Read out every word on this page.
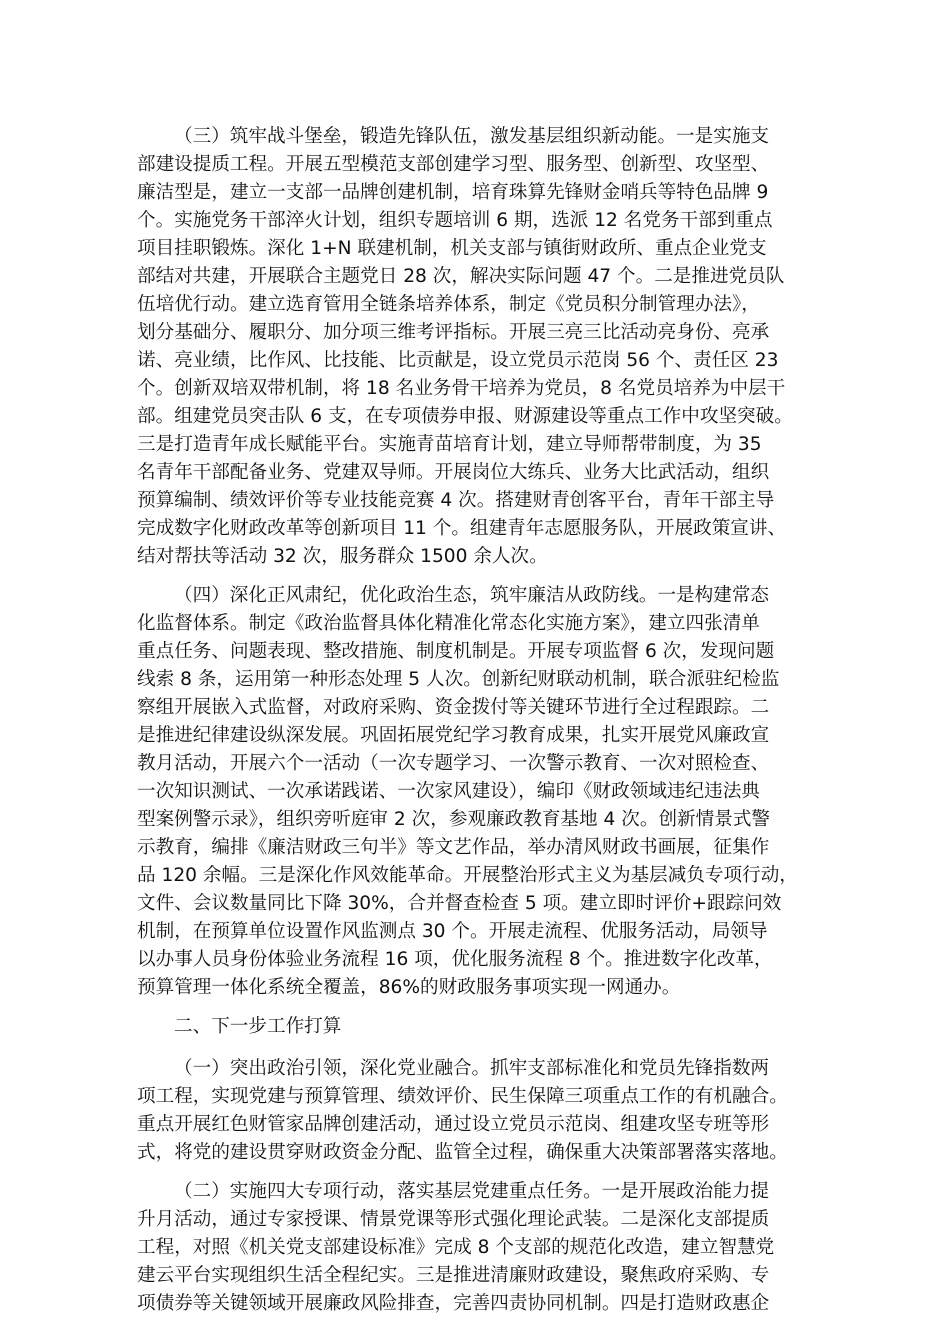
（三）筑牢战斗堡垒，锻造先锋队伍，激发基层组织新动能。一是实施支
部建设提质工程。开展五型模范支部创建学习型、服务型、创新型、攻坚型、
廉洁型是，建立一支部一品牌创建机制，培育珠算先锋财金哨兵等特色品牌 9
个。实施党务干部淬火计划，组织专题培训 6 期，选派 12 名党务干部到重点
项目挂职锻炼。深化 1+N 联建机制，机关支部与镇街财政所、重点企业党支
部结对共建，开展联合主题党日 28 次，解决实际问题 47 个。二是推进党员队
伍培优行动。建立选育管用全链条培养体系，制定《党员积分制管理办法》，
划分基础分、履职分、加分项三维考评指标。开展三亮三比活动亮身份、亮承
诺、亮业绩，比作风、比技能、比贡献是，设立党员示范岗 56 个、责任区 23
个。创新双培双带机制，将 18 名业务骨干培养为党员，8 名党员培养为中层干
部。组建党员突击队 6 支，在专项债券申报、财源建设等重点工作中攻坚突破。
三是打造青年成长赋能平台。实施青苗培育计划，建立导师帮带制度，为 35
名青年干部配备业务、党建双导师。开展岗位大练兵、业务大比武活动，组织
预算编制、绩效评价等专业技能竞赛 4 次。搭建财青创客平台，青年干部主导
完成数字化财政改革等创新项目 11 个。组建青年志愿服务队，开展政策宣讲、
结对帮扶等活动 32 次，服务群众 1500 余人次。
（四）深化正风肃纪，优化政治生态，筑牢廉洁从政防线。一是构建常态
化监督体系。制定《政治监督具体化精准化常态化实施方案》，建立四张清单
重点任务、问题表现、整改措施、制度机制是。开展专项监督 6 次，发现问题
线索 8 条，运用第一种形态处理 5 人次。创新纪财联动机制，联合派驻纪检监
察组开展嵌入式监督，对政府采购、资金拨付等关键环节进行全过程跟踪。二
是推进纪律建设纵深发展。巩固拓展党纪学习教育成果，扎实开展党风廉政宣
教月活动，开展六个一活动（一次专题学习、一次警示教育、一次对照检查、
一次知识测试、一次承诺践诺、一次家风建设），编印《财政领域违纪违法典
型案例警示录》，组织旁听庭审 2 次，参观廉政教育基地 4 次。创新情景式警
示教育，编排《廉洁财政三句半》等文艺作品，举办清风财政书画展，征集作
品 120 余幅。三是深化作风效能革命。开展整治形式主义为基层减负专项行动，
文件、会议数量同比下降 30%，合并督查检查 5 项。建立即时评价+跟踪问效
机制，在预算单位设置作风监测点 30 个。开展走流程、优服务活动，局领导
以办事人员身份体验业务流程 16 项，优化服务流程 8 个。推进数字化改革，
预算管理一体化系统全覆盖，86%的财政服务事项实现一网通办。
二、下一步工作打算
（一）突出政治引领，深化党业融合。抓牢支部标准化和党员先锋指数两
项工程，实现党建与预算管理、绩效评价、民生保障三项重点工作的有机融合。
重点开展红色财管家品牌创建活动，通过设立党员示范岗、组建攻坚专班等形
式，将党的建设贯穿财政资金分配、监管全过程，确保重大决策部署落实落地。
（二）实施四大专项行动，落实基层党建重点任务。一是开展政治能力提
升月活动，通过专家授课、情景党课等形式强化理论武装。二是深化支部提质
工程，对照《机关党支部建设标准》完成 8 个支部的规范化改造，建立智慧党
建云平台实现组织生活全程纪实。三是推进清廉财政建设，聚焦政府采购、专
项债券等关键领域开展廉政风险排查，完善四责协同机制。四是打造财政惠企
